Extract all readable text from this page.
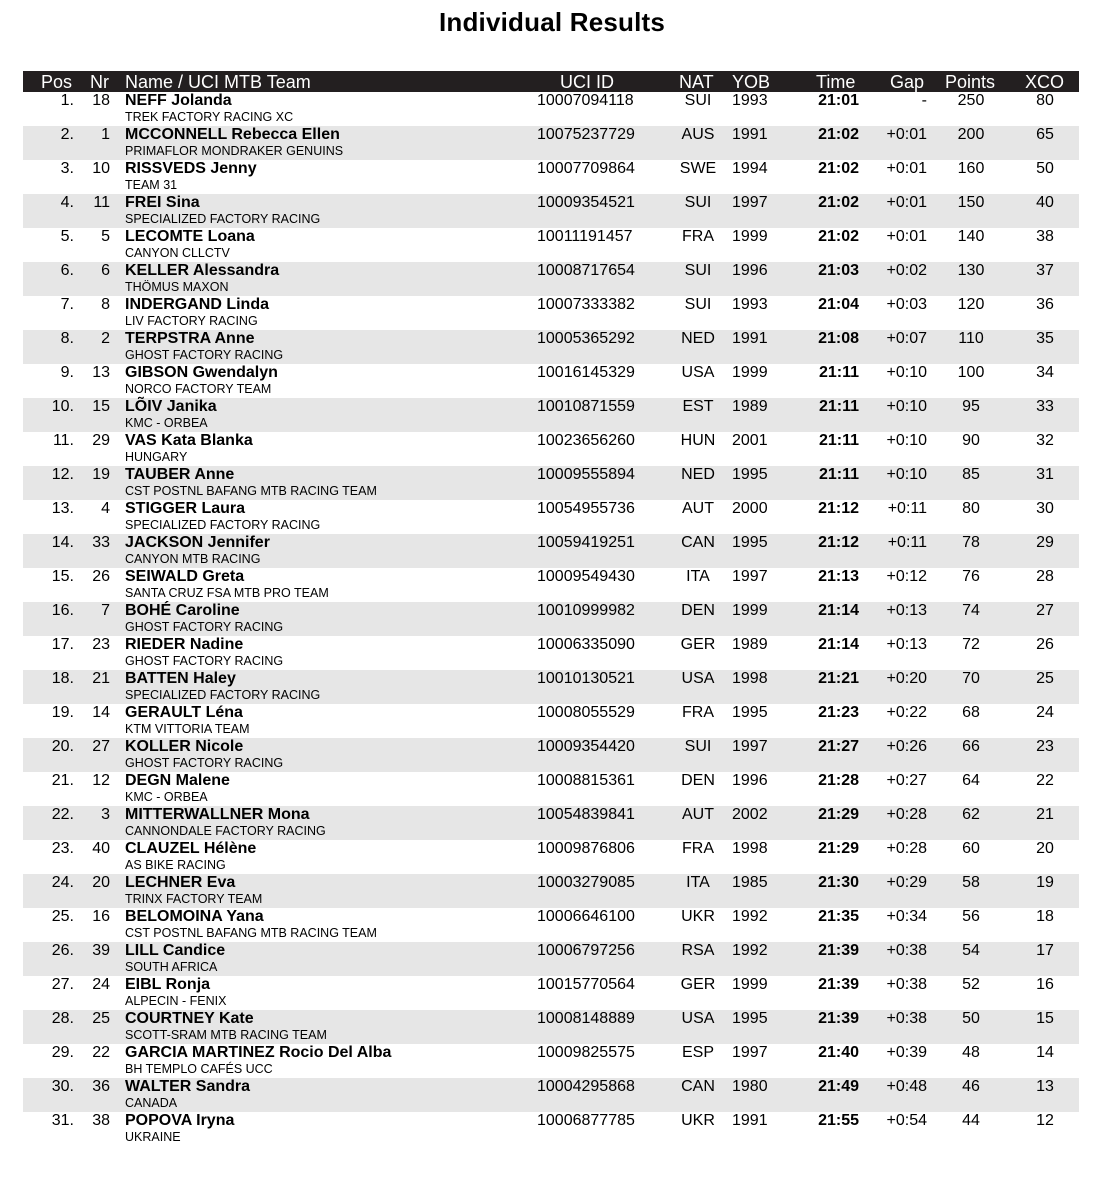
Individual Results
Pos Nr Name / UCI MTB Team	UCI ID	NAT YOB	Time Gap Points XCO
1.	18 NEFF Jolanda
TREK FACTORY RACING XC
10007094118	SUI	1993	21:01	-	250	80
2.	1 MCCONNELL Rebecca Ellen
PRIMAFLOR MONDRAKER GENUINS
10075237729	AUS	1991	21:02	+0:01	200	65
3.	10 RISSVEDS Jenny
TEAM 31
10007709864	SWE 1994	21:02	+0:01	160	50
4.	11 FREI Sina
SPECIALIZED FACTORY RACING
10009354521	SUI	1997	21:02	+0:01	150	40
5.	5 LECOMTE Loana
CANYON CLLCTV
10011191457	FRA	1999	21:02	+0:01	140	38
6.	6 KELLER Alessandra
THÖMUS MAXON
10008717654	SUI	1996	21:03	+0:02	130	37
7.	8 INDERGAND Linda
LIV FACTORY RACING
10007333382	SUI	1993	21:04	+0:03	120	36
8.	2 TERPSTRA Anne
GHOST FACTORY RACING
10005365292	NED	1991	21:08	+0:07	110	35
9.	13 GIBSON Gwendalyn
NORCO FACTORY TEAM
10016145329	USA	1999	21:11	+0:10	100	34
10.	15 LÕIV Janika
KMC - ORBEA
10010871559	EST	1989	21:11	+0:10	95	33
11.	29 VAS Kata Blanka
HUNGARY
10023656260	HUN	2001	21:11	+0:10	90	32
12.	19 TAUBER Anne
CST POSTNL BAFANG MTB RACING TEAM
10009555894	NED	1995	21:11	+0:10	85	31
13.	4 STIGGER Laura
SPECIALIZED FACTORY RACING
10054955736	AUT	2000	21:12	+0:11	80	30
14.	33 JACKSON Jennifer
CANYON MTB RACING
10059419251	CAN	1995	21:12	+0:11	78	29
15.	26 SEIWALD Greta
SANTA CRUZ FSA MTB PRO TEAM
10009549430	ITA	1997	21:13	+0:12	76	28
16.	7 BOHÉ Caroline
GHOST FACTORY RACING
10010999982	DEN	1999	21:14	+0:13	74	27
17.	23 RIEDER Nadine
GHOST FACTORY RACING
10006335090	GER	1989	21:14	+0:13	72	26
18.	21 BATTEN Haley
SPECIALIZED FACTORY RACING
10010130521	USA	1998	21:21	+0:20	70	25
19.	14 GERAULT Léna
KTM VITTORIA TEAM
10008055529	FRA	1995	21:23	+0:22	68	24
20.	27 KOLLER Nicole
GHOST FACTORY RACING
10009354420	SUI	1997	21:27	+0:26	66	23
21.	12 DEGN Malene
KMC - ORBEA
10008815361	DEN	1996	21:28	+0:27	64	22
22.	3 MITTERWALLNER Mona
CANNONDALE FACTORY RACING
10054839841	AUT	2002	21:29	+0:28	62	21
23.	40 CLAUZEL Hélène
AS BIKE RACING
10009876806	FRA	1998	21:29	+0:28	60	20
24.	20 LECHNER Eva
TRINX FACTORY TEAM
10003279085	ITA	1985	21:30	+0:29	58	19
25.	16 BELOMOINA Yana
CST POSTNL BAFANG MTB RACING TEAM
10006646100	UKR	1992	21:35	+0:34	56	18
26.	39 LILL Candice
SOUTH AFRICA
10006797256	RSA	1992	21:39	+0:38	54	17
27.	24 EIBL Ronja
ALPECIN - FENIX
10015770564	GER	1999	21:39	+0:38	52	16
28.	25 COURTNEY Kate
SCOTT-SRAM MTB RACING TEAM
10008148889	USA	1995	21:39	+0:38	50	15
29.	22 GARCIA MARTINEZ Rocio Del Alba
BH TEMPLO CAFÉS UCC
10009825575	ESP	1997	21:40	+0:39	48	14
30.	36 WALTER Sandra
CANADA
10004295868	CAN	1980	21:49	+0:48	46	13
31.	38 POPOVA Iryna
UKRAINE
10006877785	UKR	1991	21:55	+0:54	44	12
